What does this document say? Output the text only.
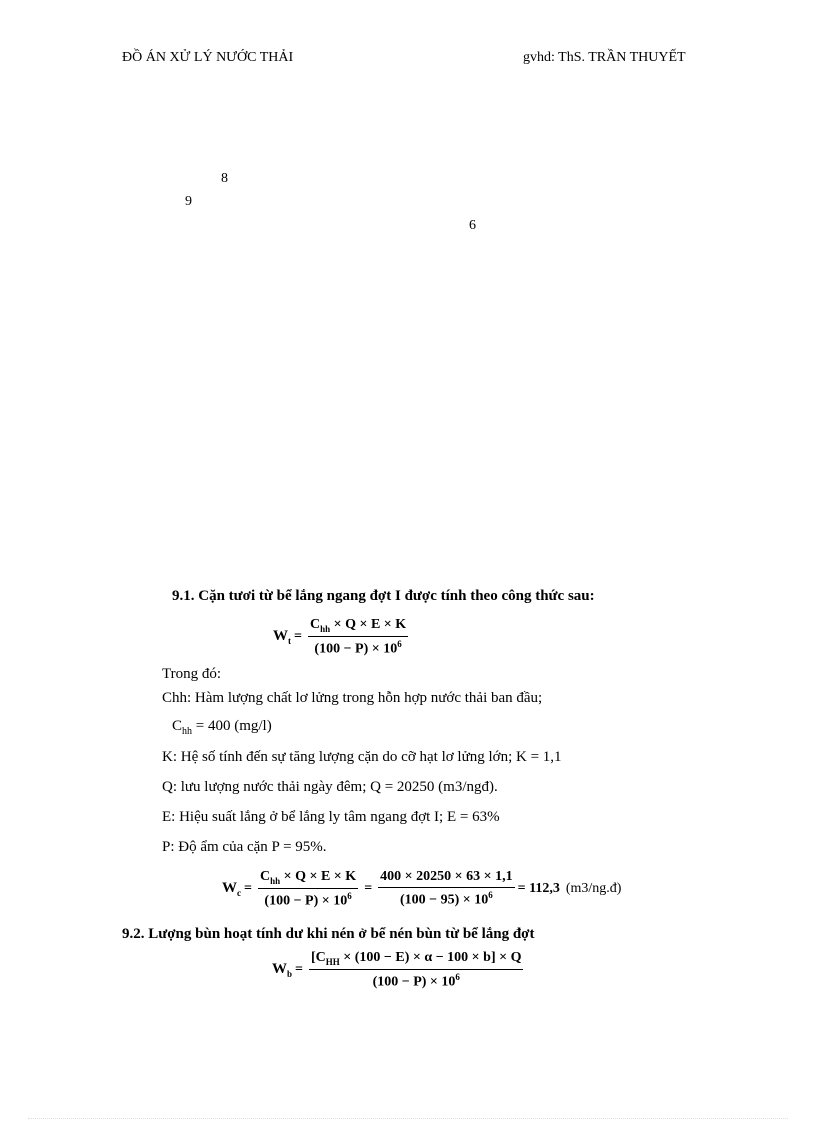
ĐỒ ÁN XỬ LÝ NƯỚC THẢI	gvhd: ThS. TRẦN THUYẾT
8
9
6
9.1. Cặn tươi từ bể lắng ngang đợt I được tính theo công thức sau:
$W_t = \frac{C_{hh} \times Q \times E \times K}{(100 - P) \times 10^6}$
Trong đó:
Chh: Hàm lượng chất lơ lửng trong hỗn hợp nước thải ban đầu;
$C_{hh} = 400$ (mg/l)
K: Hệ số tính đến sự tăng lượng cặn do cỡ hạt lơ lửng lớn; K = 1,1
Q: lưu lượng nước thải ngày đêm; Q = 20250 (m3/ngđ).
E: Hiệu suất lắng ở bể lắng ly tâm ngang đợt I; E = 63%
P: Độ ẩm của cặn P = 95%.
$W_c = \frac{C_{hh} \times Q \times E \times K}{(100 - P) \times 10^6} = \frac{400 \times 20250 \times 63 \times 1,1}{(100 - 95) \times 10^6} = 112,3$ (m3/ng.đ)
9.2. Lượng bùn hoạt tính dư khi nén ở bể nén bùn từ bể lắng đợt
$W_b = \frac{[C_{HH} \times (100 - E) \times \alpha - 100 \times b] \times Q}{(100 - P) \times 10^6}$
